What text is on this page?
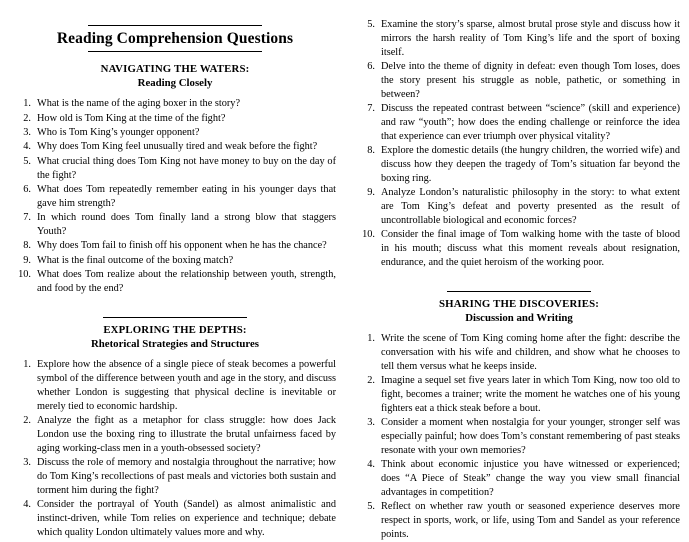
Reading Comprehension Questions
NAVIGATING THE WATERS:
Reading Closely
1. What is the name of the aging boxer in the story?
2. How old is Tom King at the time of the fight?
3. Who is Tom King’s younger opponent?
4. Why does Tom King feel unusually tired and weak before the fight?
5. What crucial thing does Tom King not have money to buy on the day of the fight?
6. What does Tom repeatedly remember eating in his younger days that gave him strength?
7. In which round does Tom finally land a strong blow that staggers Youth?
8. Why does Tom fail to finish off his opponent when he has the chance?
9. What is the final outcome of the boxing match?
10. What does Tom realize about the relationship between youth, strength, and food by the end?
EXPLORING THE DEPTHS:
Rhetorical Strategies and Structures
1. Explore how the absence of a single piece of steak becomes a powerful symbol of the difference between youth and age in the story, and discuss whether London is suggesting that physical decline is inevitable or merely tied to economic hardship.
2. Analyze the fight as a metaphor for class struggle: how does Jack London use the boxing ring to illustrate the brutal unfairness faced by aging working-class men in a youth-obsessed society?
3. Discuss the role of memory and nostalgia throughout the narrative; how do Tom King’s recollections of past meals and victories both sustain and torment him during the fight?
4. Consider the portrayal of Youth (Sandel) as almost animalistic and instinct-driven, while Tom relies on experience and technique; debate which quality London ultimately values more and why.
5. Examine the story’s sparse, almost brutal prose style and discuss how it mirrors the harsh reality of Tom King’s life and the sport of boxing itself.
6. Delve into the theme of dignity in defeat: even though Tom loses, does the story present his struggle as noble, pathetic, or something in between?
7. Discuss the repeated contrast between “science” (skill and experience) and raw “youth”; how does the ending challenge or reinforce the idea that experience can ever triumph over physical vitality?
8. Explore the domestic details (the hungry children, the worried wife) and discuss how they deepen the tragedy of Tom’s situation far beyond the boxing ring.
9. Analyze London’s naturalistic philosophy in the story: to what extent are Tom King’s defeat and poverty presented as the result of uncontrollable biological and economic forces?
10. Consider the final image of Tom walking home with the taste of blood in his mouth; discuss what this moment reveals about resignation, endurance, and the quiet heroism of the working poor.
SHARING THE DISCOVERIES:
Discussion and Writing
1. Write the scene of Tom King coming home after the fight: describe the conversation with his wife and children, and show what he chooses to tell them versus what he keeps inside.
2. Imagine a sequel set five years later in which Tom King, now too old to fight, becomes a trainer; write the moment he watches one of his young fighters eat a thick steak before a bout.
3. Consider a moment when nostalgia for your younger, stronger self was especially painful; how does Tom’s constant remembering of past steaks resonate with your own memories?
4. Think about economic injustice you have witnessed or experienced; does “A Piece of Steak” change the way you view small financial advantages in competition?
5. Reflect on whether raw youth or seasoned experience deserves more respect in sports, work, or life, using Tom and Sandel as your reference points.
